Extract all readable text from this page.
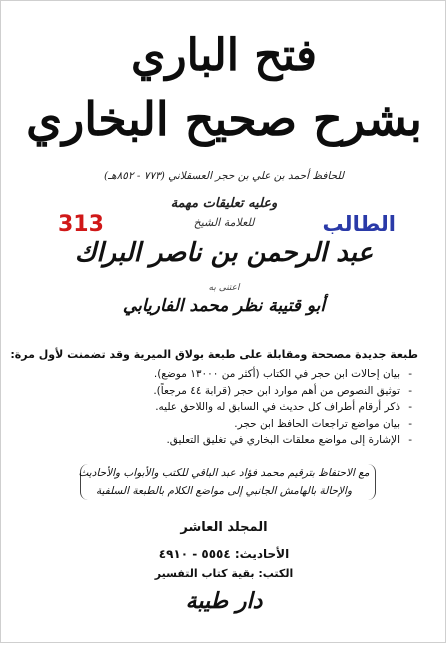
فتح الباري
بشرح صحيح البخاري
للحافظ أحمد بن علي بن حجر العسقلاني (٧٧٣ - ٨٥٢هـ)
وعليه تعليقات مهمة
الطالب
313	للعلامة الشيخ
عبد الرحمن بن ناصر البراك
اعتنى به
أبو قتيبة نظر محمد الفاريابي
طبعة جديدة مصححة ومقابلة على طبعة بولاق الميرية وقد تضمنت لأول مرة:
- بيان إحالات ابن حجر في الكتاب (أكثر من ١٣٠٠٠ موضع).
- توثيق النصوص من أهم موارد ابن حجر (قرابة ٤٤ مرجعاً).
- ذكر أرقام أطراف كل حديث في السابق له واللاحق عليه.
- بيان مواضع تراجعات الحافظ ابن حجر.
- الإشارة إلى مواضع معلقات البخاري في تغليق التعليق.
مع الاحتفاظ بترقيم محمد فؤاد عبد الباقي للكتب والأبواب والأحاديث
والإحالة بالهامش الجانبي إلى مواضع الكلام بالطبعة السلفية
المجلد العاشر
الأحاديث: ٥٥٥٤ - ٤٩١٠
الكتب: بقية كتاب التفسير
دار طيبة
